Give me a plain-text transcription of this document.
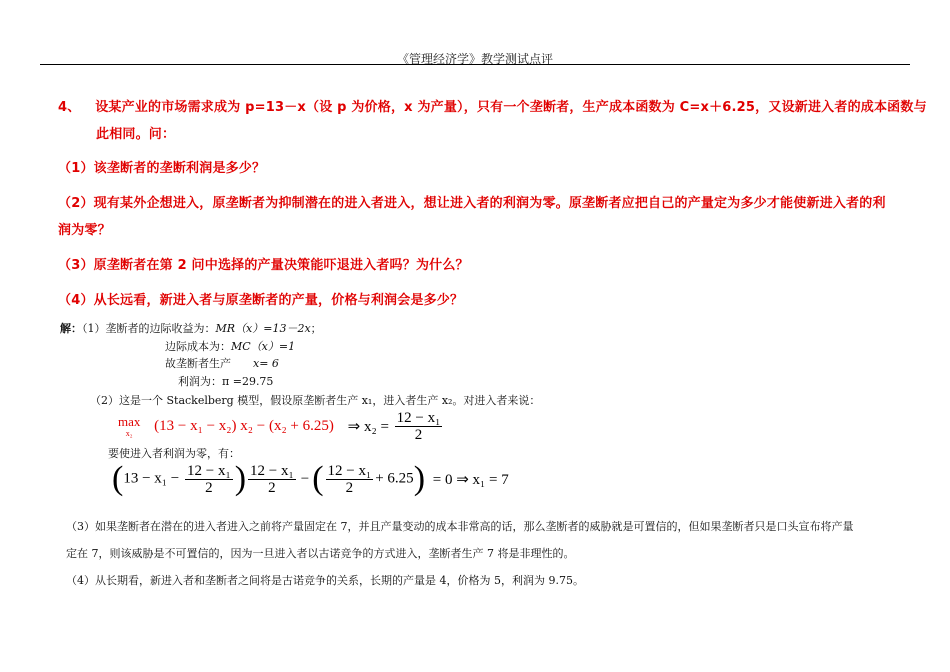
《管理经济学》教学测试点评
4、 设某产业的市场需求成为 p=13－x（设 p 为价格，x 为产量），只有一个垄断者，生产成本函数为 C=x＋6.25，又设新进入者的成本函数与
此相同。问：
（1）该垄断者的垄断利润是多少？
（2）现有某外企想进入，原垄断者为抑制潜在的进入者进入，想让进入者的利润为零。原垄断者应把自己的产量定为多少才能使新进入者的利
润为零？
（3）原垄断者在第 2 问中选择的产量决策能吓退进入者吗？为什么？
（4）从长远看，新进入者与原垄断者的产量，价格与利润会是多少？
解：（1）垄断者的边际收益为：MR（x）=13－2x；
边际成本为：MC（x）=1
故垄断者生产 x= 6
利润为：π =29.75
（2）这是一个 Stackelberg 模型，假设原垄断者生产 x₁，进入者生产 x₂。对进入者来说：
max
x₂	(13 − x₁ − x₂) x₂ − (x₂ + 6.25) ⇒ $x_2 = \frac{\text{12 − x₁}}{2}$
要使进入者利润为零，有：
($13 - x_1 - \frac{\text{12 − x₁}}{2}$ ) $\frac{\text{12 − x₁}}{2}$ −( $\frac{\text{12 − x₁}}{2} + 6.25) = 0$ ⇒ x₁ = 7
（3）如果垄断者在潜在的进入者进入之前将产量固定在 7，并且产量变动的成本非常高的话，那么垄断者的威胁就是可置信的，但如果垄断者只是口头宣布将产量
定在 7，则该威胁是不可置信的，因为一旦进入者以古诺竞争的方式进入，垄断者生产 7 将是非理性的。
（4）从长期看，新进入者和垄断者之间将是古诺竞争的关系，长期的产量是 4，价格为 5，利润为 9.75。
